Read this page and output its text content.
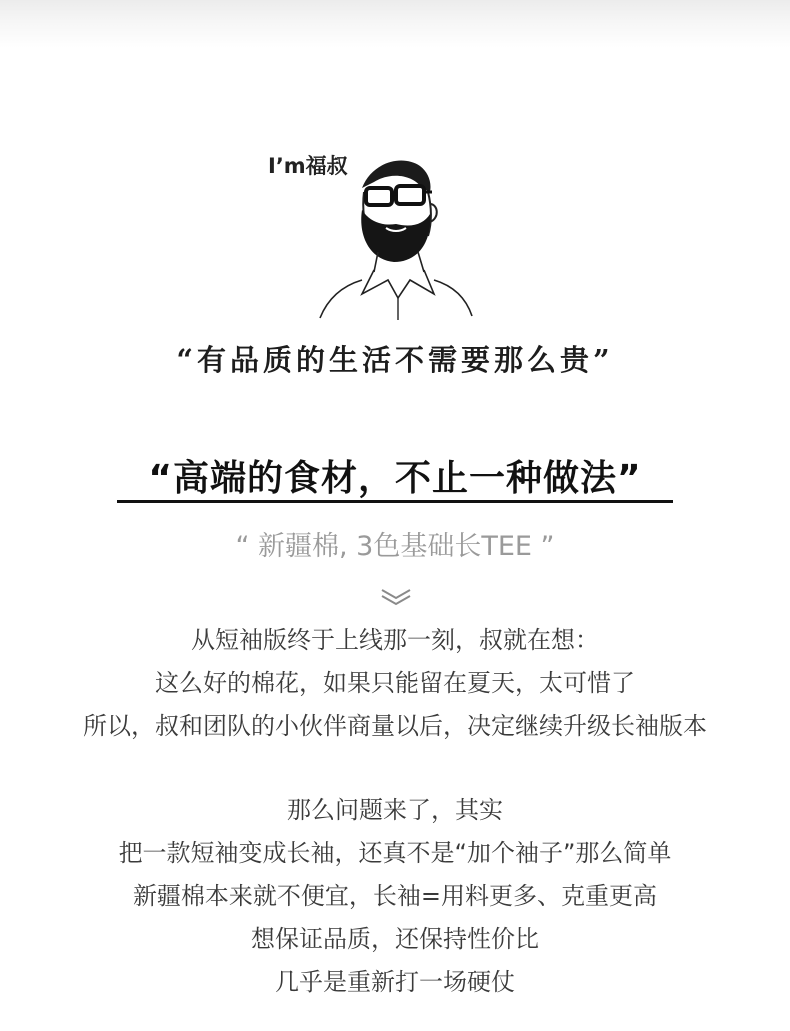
I’m福叔
“有品质的生活不需要那么贵”
“高端的食材，不止一种做法”
“ 新疆棉, 3色基础长TEE ”
从短袖版终于上线那一刻，叔就在想：
这么好的棉花，如果只能留在夏天，太可惜了
所以，叔和团队的小伙伴商量以后，决定继续升级长袖版本
那么问题来了，其实
把一款短袖变成长袖，还真不是“加个袖子”那么简单
新疆棉本来就不便宜，长袖=用料更多、克重更高
想保证品质，还保持性价比
几乎是重新打一场硬仗
